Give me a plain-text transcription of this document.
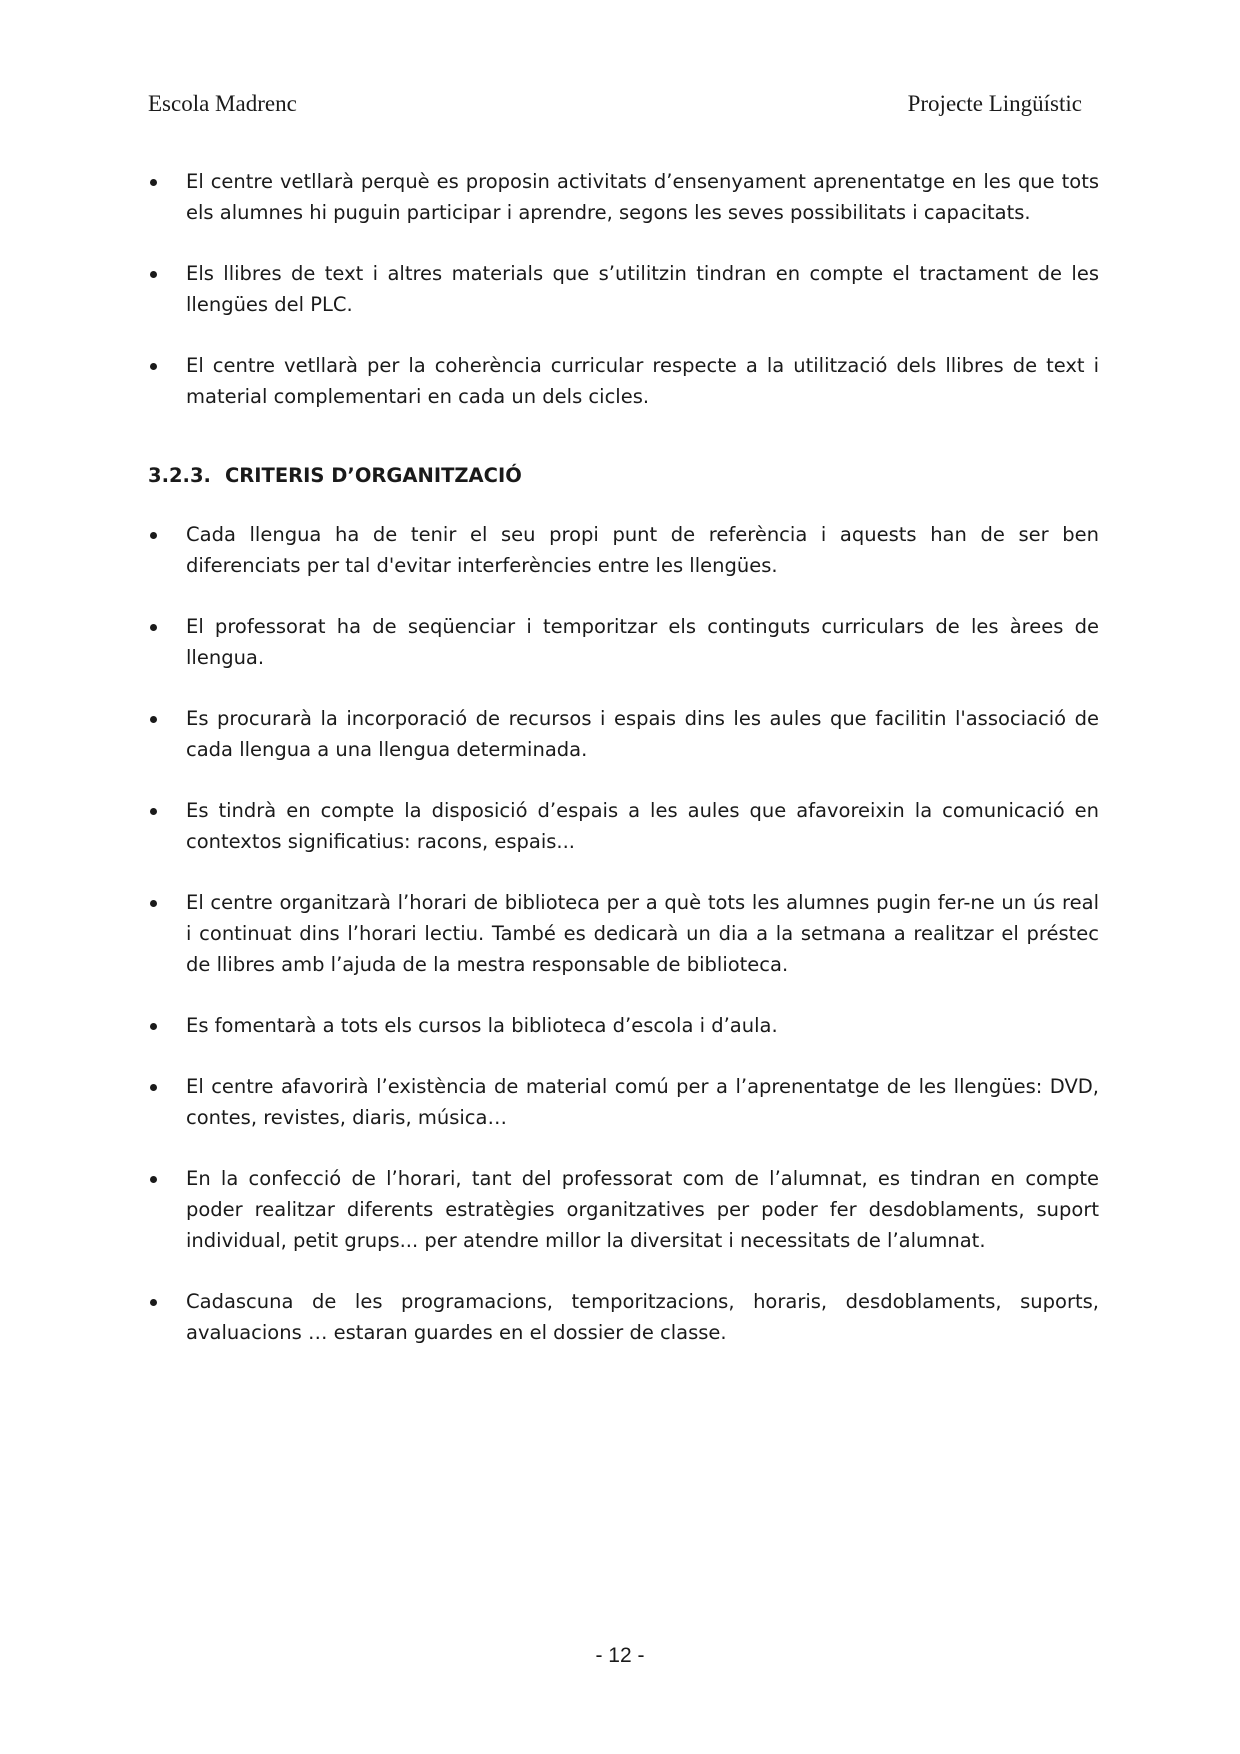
Escola Madrenc	Projecte Lingüístic
El centre vetllarà perquè es proposin activitats d’ensenyament aprenentatge en les que tots els alumnes hi puguin participar i aprendre, segons les seves possibilitats i capacitats.
Els llibres de text i altres materials que s’utilitzin tindran en compte el tractament de les llengües del PLC.
El centre vetllarà per la coherència curricular respecte a la utilització dels llibres de text i material complementari en cada un dels cicles.
3.2.3. CRITERIS D’ORGANITZACIÓ
Cada llengua ha de tenir el seu propi punt de referència i aquests han de ser ben diferenciats per tal d'evitar interferències entre les llengües.
El professorat ha de seqüenciar i temporitzar els continguts curriculars de les àrees de llengua.
Es procurarà la incorporació de recursos i espais dins les aules que facilitin l'associació de cada llengua a una llengua determinada.
Es tindrà en compte la disposició d’espais a les aules que afavoreixin la comunicació en contextos significatius: racons, espais...
El centre organitzarà l’horari de biblioteca per a què tots les alumnes pugin fer-ne un ús real i continuat dins l’horari lectiu. També es dedicarà un dia a la setmana a realitzar el préstec de llibres amb l’ajuda de la mestra responsable de biblioteca.
Es fomentarà a tots els cursos la biblioteca d’escola i d’aula.
El centre afavorirà l’existència de material comú per a l’aprenentatge de les llengües: DVD, contes, revistes, diaris, música…
En la confecció de l’horari, tant del professorat com de l’alumnat, es tindran en compte poder realitzar diferents estratègies organitzatives per poder fer desdoblaments, suport individual, petit grups... per atendre millor la diversitat i necessitats de l’alumnat.
Cadascuna de les programacions, temporitzacions, horaris, desdoblaments, suports, avaluacions … estaran guardes en el dossier de classe.
- 12 -
